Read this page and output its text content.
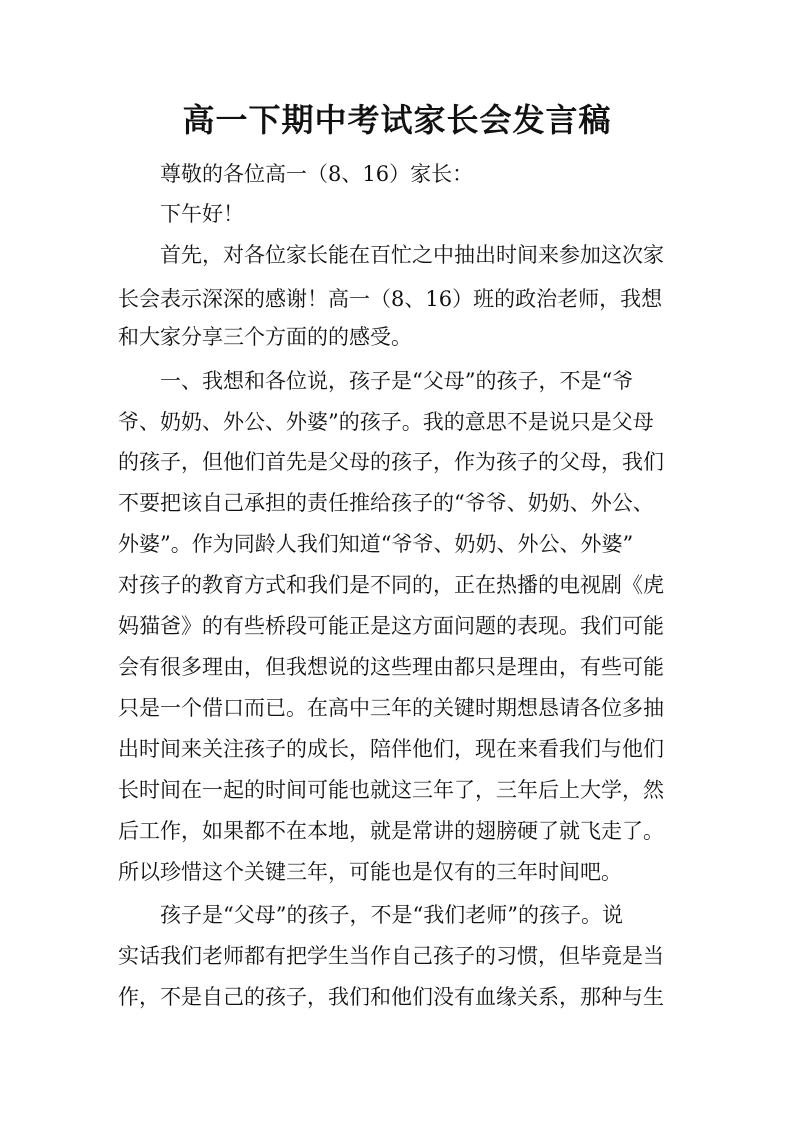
高一下期中考试家长会发言稿
尊敬的各位高一（8、16）家长：
下午好！
首先，对各位家长能在百忙之中抽出时间来参加这次家
长会表示深深的感谢！高一（8、16）班的政治老师，我想
和大家分享三个方面的的感受。
一、我想和各位说，孩子是“父母”的孩子，不是“爷
爷、奶奶、外公、外婆”的孩子。我的意思不是说只是父母
的孩子，但他们首先是父母的孩子，作为孩子的父母，我们
不要把该自己承担的责任推给孩子的“爷爷、奶奶、外公、
外婆”。作为同龄人我们知道“爷爷、奶奶、外公、外婆”
对孩子的教育方式和我们是不同的，正在热播的电视剧《虎
妈猫爸》的有些桥段可能正是这方面问题的表现。我们可能
会有很多理由，但我想说的这些理由都只是理由，有些可能
只是一个借口而已。在高中三年的关键时期想恳请各位多抽
出时间来关注孩子的成长，陪伴他们，现在来看我们与他们
长时间在一起的时间可能也就这三年了，三年后上大学，然
后工作，如果都不在本地，就是常讲的翅膀硬了就飞走了。
所以珍惜这个关键三年，可能也是仅有的三年时间吧。
孩子是“父母”的孩子，不是“我们老师”的孩子。说
实话我们老师都有把学生当作自己孩子的习惯，但毕竟是当
作，不是自己的孩子，我们和他们没有血缘关系，那种与生
